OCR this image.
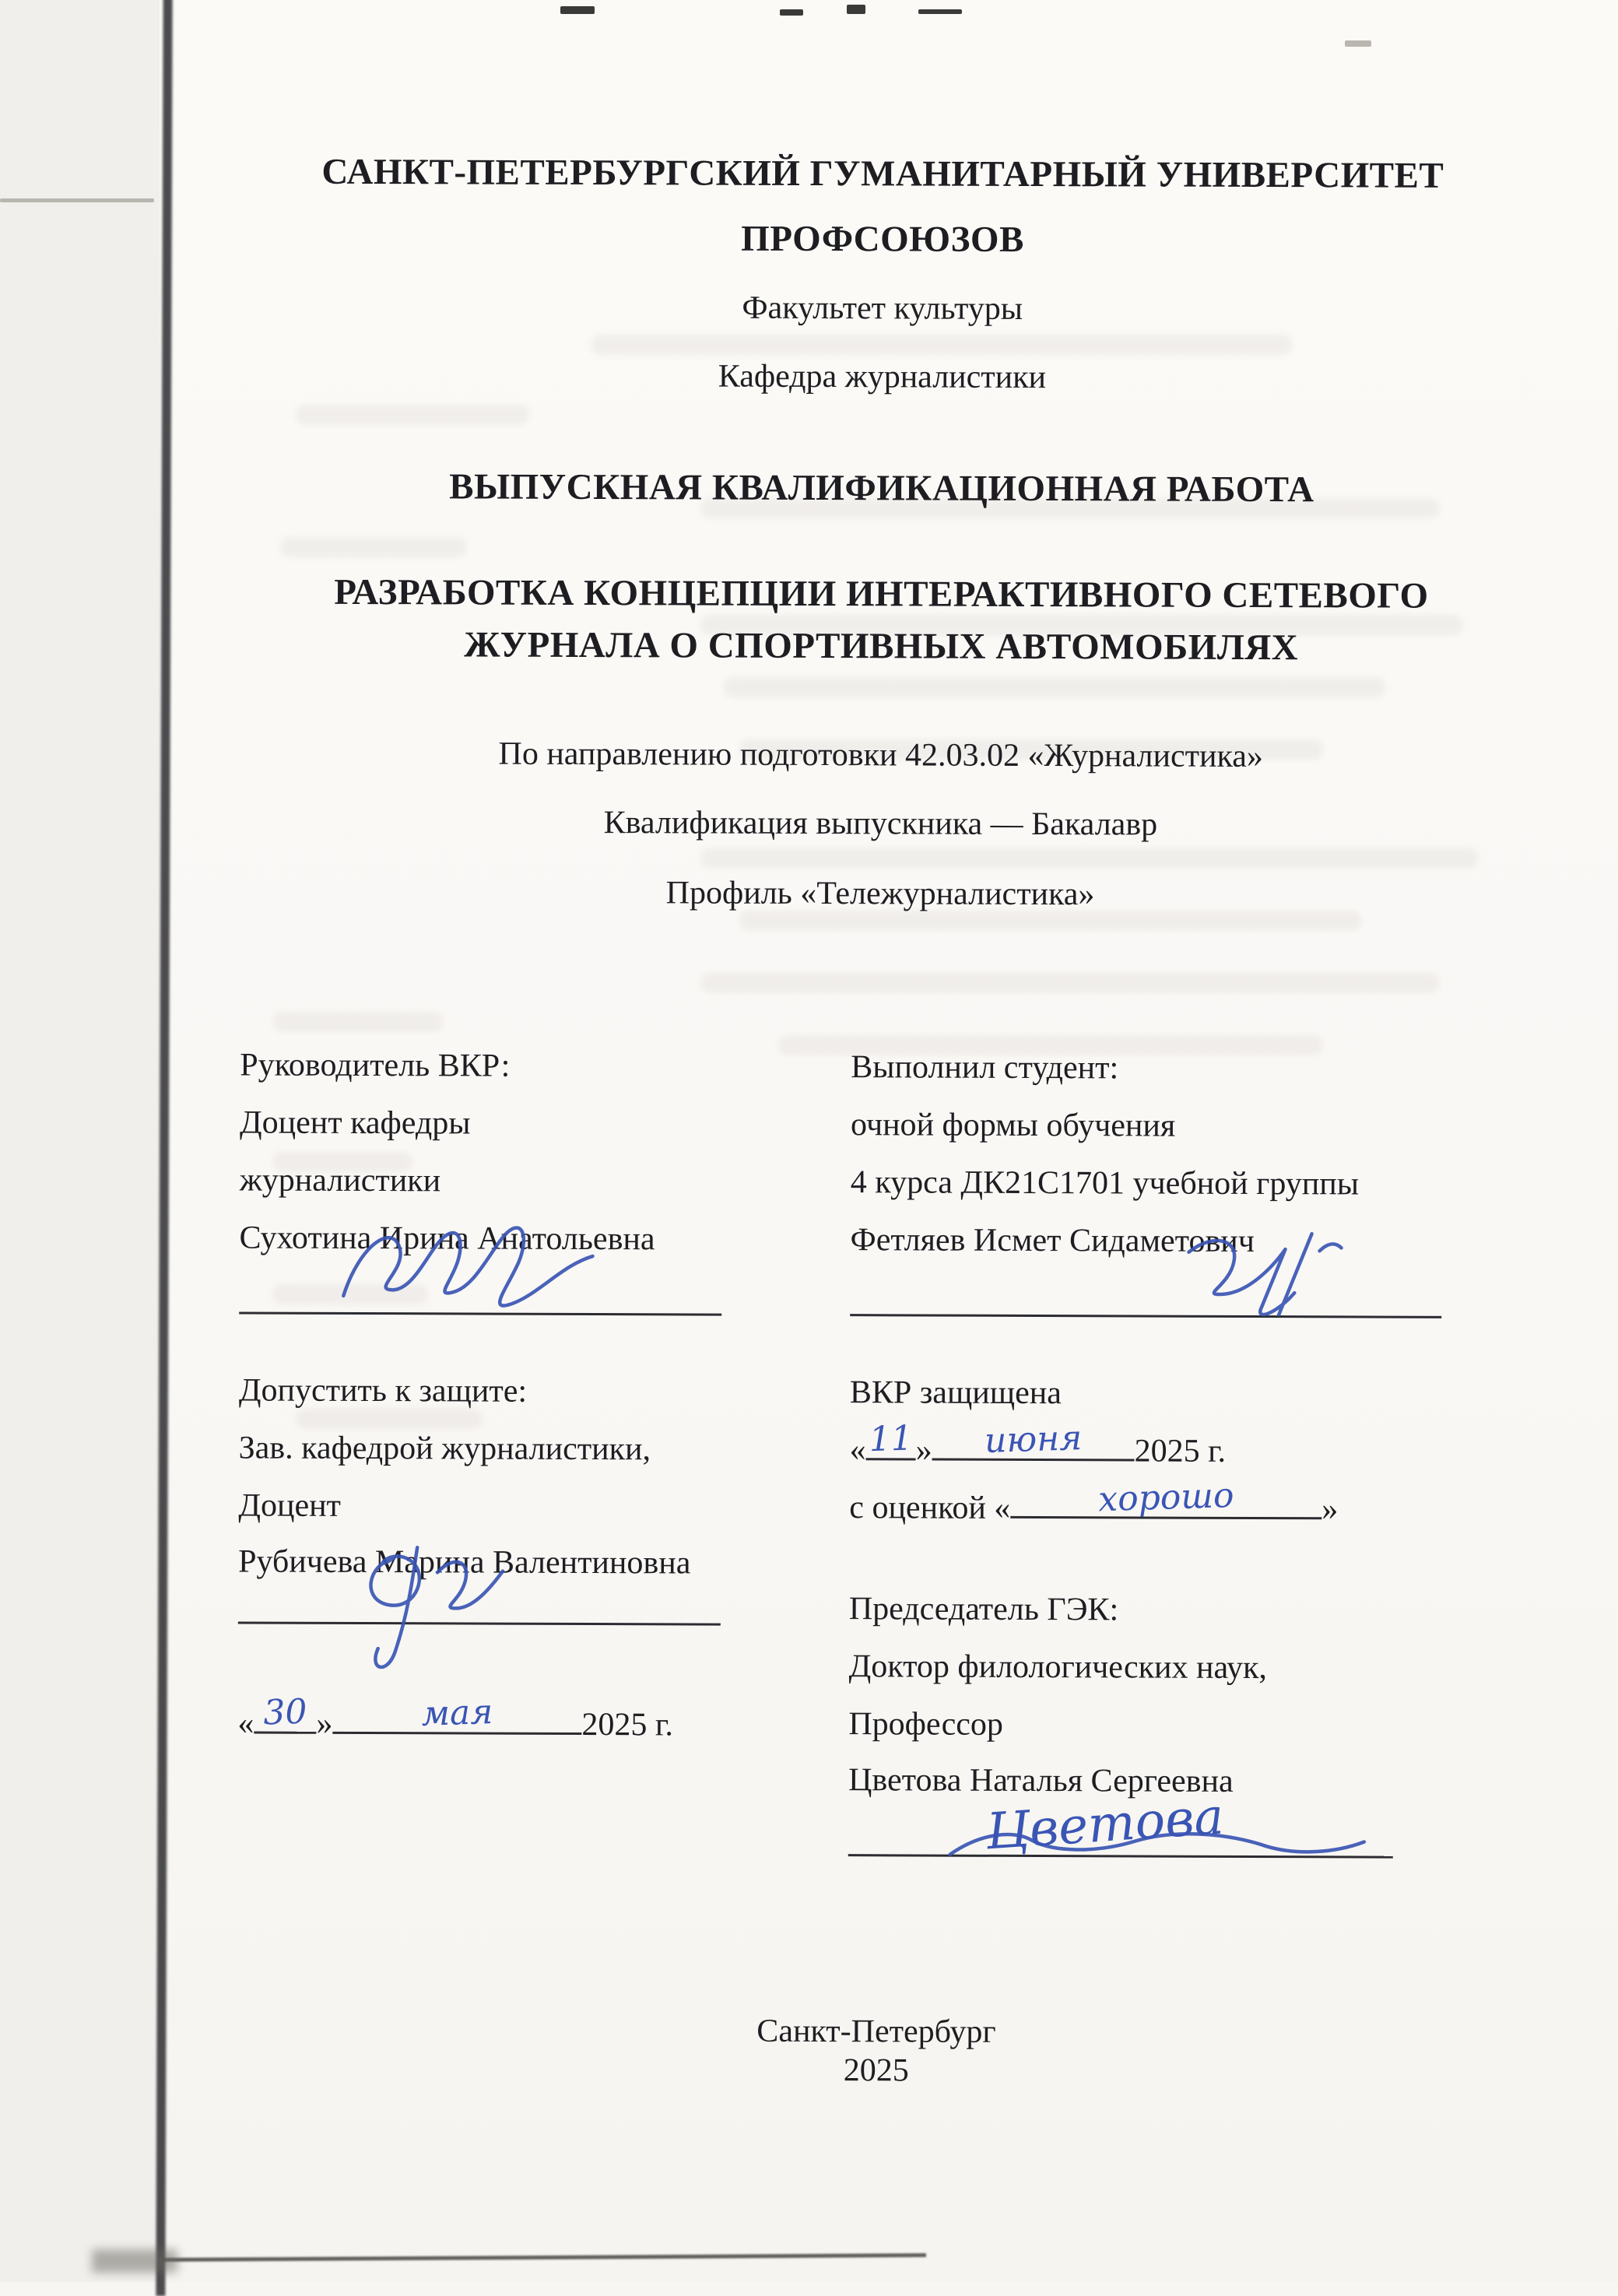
САНКТ-ПЕТЕРБУРГСКИЙ ГУМАНИТАРНЫЙ УНИВЕРСИТЕТ
ПРОФСОЮЗОВ
Факультет культуры
Кафедра журналистики
ВЫПУСКНАЯ КВАЛИФИКАЦИОННАЯ РАБОТА
РАЗРАБОТКА КОНЦЕПЦИИ ИНТЕРАКТИВНОГО СЕТЕВОГО
ЖУРНАЛА О СПОРТИВНЫХ АВТОМОБИЛЯХ
По направлению подготовки 42.03.02 «Журналистика»
Квалификация выпускника — Бакалавр
Профиль «Тележурналистика»
Руководитель ВКР:
Доцент кафедры
журналистики
Сухотина Ирина Анатольевна
Выполнил студент:
очной формы обучения
4 курса ДК21С1701 учебной группы
Фетляев Исмет Сидаметович
Допустить к защите:
Зав. кафедрой журналистики,
Доцент
Рубичева Марина Валентиновна
« 30 »	мая	2025 г.
ВКР защищена
« 11 »	июня	2025 г.
с оценкой «	хорошо	»
Председатель ГЭК:
Доктор филологических наук,
Профессор
Цветова Наталья Сергеевна
Цветова
Санкт-Петербург
2025
